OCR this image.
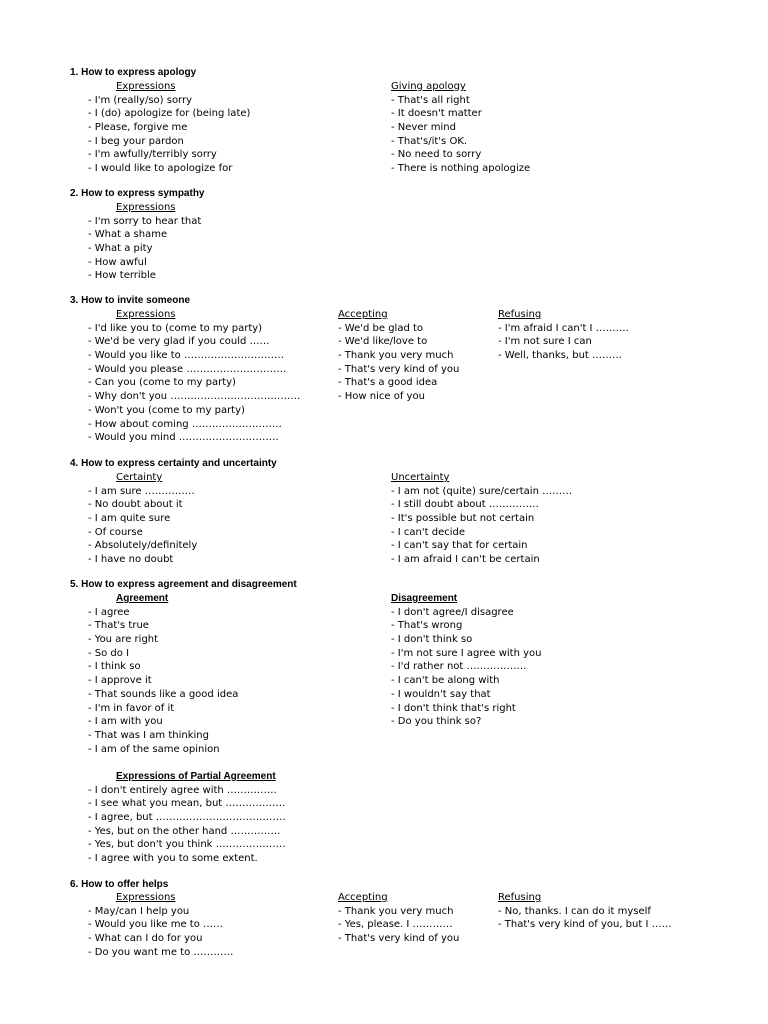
1. How to express apology
Expressions
- I'm (really/so) sorry
- I (do) apologize for (being late)
- Please, forgive me
- I beg your pardon
- I'm awfully/terribly sorry
- I would like to apologize for
Giving apology
- That's all right
- It doesn't matter
- Never mind
- That's/it's OK.
- No need to sorry
- There is nothing apologize
2. How to express sympathy
Expressions
- I'm sorry to hear that
- What a shame
- What a pity
- How awful
- How terrible
3. How to invite someone
Expressions
- I'd like you to (come to my party)
- We'd be very glad if you could ……
- Would you like to …………………………
- Would you please …………………………
- Can you (come to my party)
- Why don't you …………………………………
- Won't you (come to my party)
- How about coming ………………………
- Would you mind …………………………
Accepting
- We'd be glad to
- We'd like/love to
- Thank you very much
- That's very kind of you
- That's a good idea
- How nice of you
Refusing
- I'm afraid I can't I ……….
- I'm not sure I can
- Well, thanks, but ………
4. How to express certainty and uncertainty
Certainty
- I am sure ……………
- No doubt about it
- I am quite sure
- Of course
- Absolutely/definitely
- I have no doubt
Uncertainty
- I am not (quite) sure/certain ………
- I still doubt about ……………
- It's possible but not certain
- I can't decide
- I can't say that for certain
- I am afraid I can't be certain
5. How to express agreement and disagreement
Agreement
- I agree
- That's true
- You are right
- So do I
- I think so
- I approve it
- That sounds like a good idea
- I'm in favor of it
- I am with you
- That was I am thinking
- I am of the same opinion
Disagreement
- I don't agree/I disagree
- That's wrong
- I don't think so
- I'm not sure I agree with you
- I'd rather not ………………
- I can't be along with
- I wouldn't say that
- I don't think that's right
- Do you think so?
Expressions of Partial Agreement
- I don't entirely agree with ……………
- I see what you mean, but ………………
- I agree, but …………………………………
- Yes, but on the other hand ……………
- Yes, but don't you think …………………
- I agree with you to some extent.
6. How to offer helps
Expressions
- May/can I help you
- Would you like me to ……
- What can I do for you
- Do you want me to …………
Accepting
- Thank you very much
- Yes, please. I …………
- That's very kind of you
Refusing
- No, thanks. I can do it myself
- That's very kind of you, but I ……
